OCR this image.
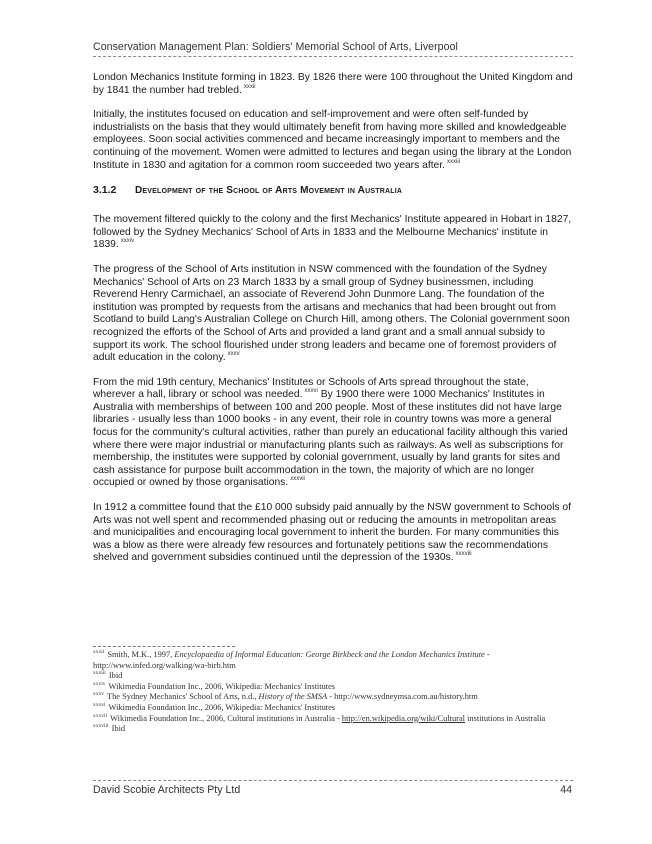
Conservation Management Plan: Soldiers' Memorial School of Arts, Liverpool

London Mechanics Institute forming in 1823. By 1826 there were 100 throughout the United Kingdom and by 1841 the number had trebled. $^{xxxii}$

Initially, the institutes focused on education and self-improvement and were often self-funded by industrialists on the basis that they would ultimately benefit from having more skilled and knowledgeable employees. Soon social activities commenced and became increasingly important to members and the continuing of the movement. Women were admitted to lectures and began using the library at the London Institute in 1830 and agitation for a common room succeeded two years after. $^{xxxiii}$

3.1.2	Development of the School of Arts Movement in Australia

The movement filtered quickly to the colony and the first Mechanics' Institute appeared in Hobart in 1827, followed by the Sydney Mechanics' School of Arts in 1833 and the Melbourne Mechanics' institute in 1839. $^{xxxiv}$

The progress of the School of Arts institution in NSW commenced with the foundation of the Sydney Mechanics' School of Arts on 23 March 1833 by a small group of Sydney businessmen, including Reverend Henry Carmichael, an associate of Reverend John Dunmore Lang. The foundation of the institution was prompted by requests from the artisans and mechanics that had been brought out from Scotland to build Lang's Australian College on Church Hill, among others. The Colonial government soon recognized the efforts of the School of Arts and provided a land grant and a small annual subsidy to support its work. The school flourished under strong leaders and became one of foremost providers of adult education in the colony. $^{xxxv}$

From the mid 19th century, Mechanics' Institutes or Schools of Arts spread throughout the state, wherever a hall, library or school was needed. $^{xxxvi}$ By 1900 there were 1000 Mechanics' Institutes in Australia with memberships of between 100 and 200 people. Most of these institutes did not have large libraries - usually less than 1000 books - in any event, their role in country towns was more a general focus for the community's cultural activities, rather than purely an educational facility although this varied where there were major industrial or manufacturing plants such as railways. As well as subscriptions for membership, the institutes were supported by colonial government, usually by land grants for sites and cash assistance for purpose built accommodation in the town, the majority of which are no longer occupied or owned by those organisations. $^{xxxvii}$

In 1912 a committee found that the £10 000 subsidy paid annually by the NSW government to Schools of Arts was not well spent and recommended phasing out or reducing the amounts in metropolitan areas and municipalities and encouraging local government to inherit the burden. For many communities this was a blow as there were already few resources and fortunately petitions saw the recommendations shelved and government subsidies continued until the depression of the 1930s. $^{xxxviii}$

$^{xxxii}$ Smith, M.K., 1997, Encyclopaedia of Informal Education: George Birkbeck and the London Mechanics Institute - http://www.infed.org/walking/wa-birb.htm

$^{xxxiii}$ Ibid

$^{xxxiv}$ Wikimedia Foundation Inc., 2006, Wikipedia: Mechanics' Institutes

$^{xxxv}$ The Sydney Mechanics' School of Arts, n.d., History of the SMSA - http://www.sydneymsa.com.au/history.htm

$^{xxxvi}$ Wikimedia Foundation Inc., 2006, Wikipedia: Mechanics' Institutes

$^{xxxvii}$ Wikimedia Foundation Inc., 2006, Cultural institutions in Australia - http://en.wikipedia.org/wiki/Cultural institutions in Australia

$^{xxxviii}$ Ibid

David Scobie Architects Pty Ltd	44
